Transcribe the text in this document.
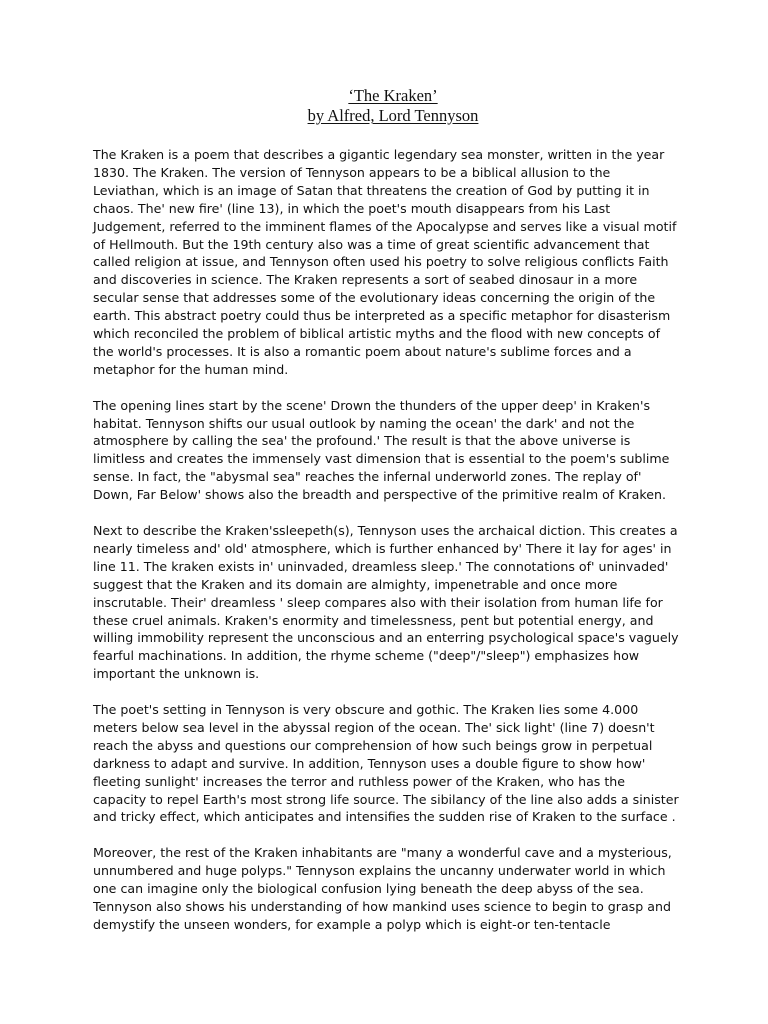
‘The Kraken’
by Alfred, Lord Tennyson

The Kraken is a poem that describes a gigantic legendary sea monster, written in the year
1830. The Kraken. The version of Tennyson appears to be a biblical allusion to the
Leviathan, which is an image of Satan that threatens the creation of God by putting it in
chaos. The' new fire' (line 13), in which the poet's mouth disappears from his Last
Judgement, referred to the imminent flames of the Apocalypse and serves like a visual motif
of Hellmouth. But the 19th century also was a time of great scientific advancement that
called religion at issue, and Tennyson often used his poetry to solve religious conflicts Faith
and discoveries in science. The Kraken represents a sort of seabed dinosaur in a more
secular sense that addresses some of the evolutionary ideas concerning the origin of the
earth. This abstract poetry could thus be interpreted as a specific metaphor for disasterism
which reconciled the problem of biblical artistic myths and the flood with new concepts of
the world's processes. It is also a romantic poem about nature's sublime forces and a
metaphor for the human mind.

The opening lines start by the scene' Drown the thunders of the upper deep' in Kraken's
habitat. Tennyson shifts our usual outlook by naming the ocean' the dark' and not the
atmosphere by calling the sea' the profound.' The result is that the above universe is
limitless and creates the immensely vast dimension that is essential to the poem's sublime
sense. In fact, the "abysmal sea" reaches the infernal underworld zones. The replay of'
Down, Far Below' shows also the breadth and perspective of the primitive realm of Kraken.

Next to describe the Kraken'ssleepeth(s), Tennyson uses the archaical diction. This creates a
nearly timeless and' old' atmosphere, which is further enhanced by' There it lay for ages' in
line 11. The kraken exists in' uninvaded, dreamless sleep.' The connotations of' uninvaded'
suggest that the Kraken and its domain are almighty, impenetrable and once more
inscrutable. Their' dreamless ' sleep compares also with their isolation from human life for
these cruel animals. Kraken's enormity and timelessness, pent but potential energy, and
willing immobility represent the unconscious and an enterring psychological space's vaguely
fearful machinations. In addition, the rhyme scheme ("deep"/"sleep") emphasizes how
important the unknown is.

The poet's setting in Tennyson is very obscure and gothic. The Kraken lies some 4.000
meters below sea level in the abyssal region of the ocean. The' sick light' (line 7) doesn't
reach the abyss and questions our comprehension of how such beings grow in perpetual
darkness to adapt and survive. In addition, Tennyson uses a double figure to show how'
fleeting sunlight' increases the terror and ruthless power of the Kraken, who has the
capacity to repel Earth's most strong life source. The sibilancy of the line also adds a sinister
and tricky effect, which anticipates and intensifies the sudden rise of Kraken to the surface .

Moreover, the rest of the Kraken inhabitants are "many a wonderful cave and a mysterious,
unnumbered and huge polyps." Tennyson explains the uncanny underwater world in which
one can imagine only the biological confusion lying beneath the deep abyss of the sea.
Tennyson also shows his understanding of how mankind uses science to begin to grasp and
demystify the unseen wonders, for example a polyp which is eight-or ten-tentacle
